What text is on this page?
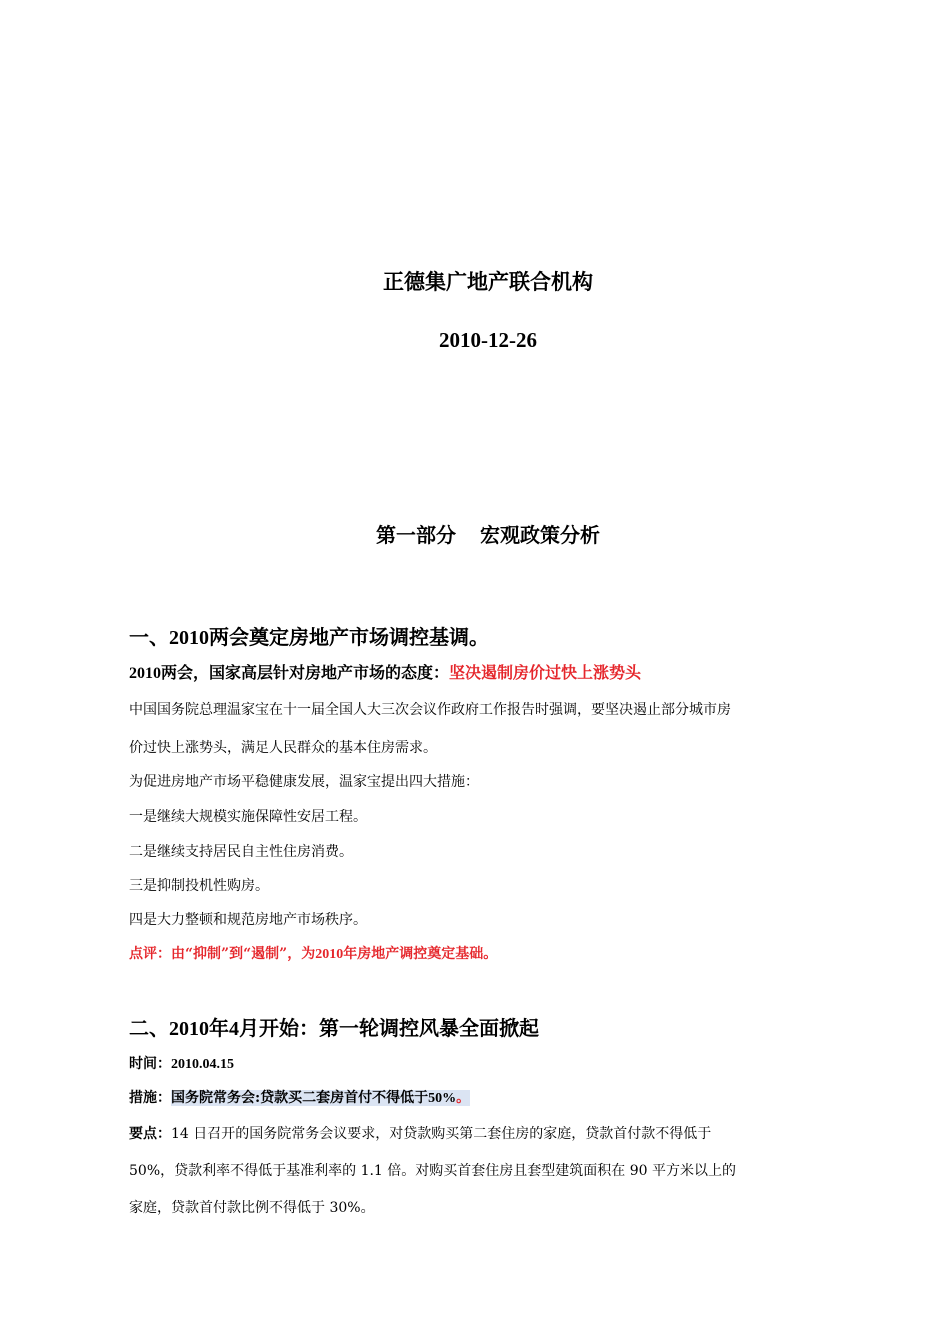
正德集广地产联合机构
2010-12-26
第一部分 宏观政策分析
一、2010两会奠定房地产市场调控基调。
2010两会，国家高层针对房地产市场的态度：坚决遏制房价过快上涨势头
中国国务院总理温家宝在十一届全国人大三次会议作政府工作报告时强调，要坚决遏止部分城市房
价过快上涨势头，满足人民群众的基本住房需求。
为促进房地产市场平稳健康发展，温家宝提出四大措施：
一是继续大规模实施保障性安居工程。
二是继续支持居民自主性住房消费。
三是抑制投机性购房。
四是大力整顿和规范房地产市场秩序。
点评：由“抑制”到“遏制”，为2010年房地产调控奠定基础。
二、2010年4月开始：第一轮调控风暴全面掀起
时间：2010.04.15
措施：国务院常务会:贷款买二套房首付不得低于50%。
要点：14 日召开的国务院常务会议要求，对贷款购买第二套住房的家庭，贷款首付款不得低于
50%，贷款利率不得低于基准利率的 1.1 倍。对购买首套住房且套型建筑面积在 90 平方米以上的
家庭，贷款首付款比例不得低于 30%。
